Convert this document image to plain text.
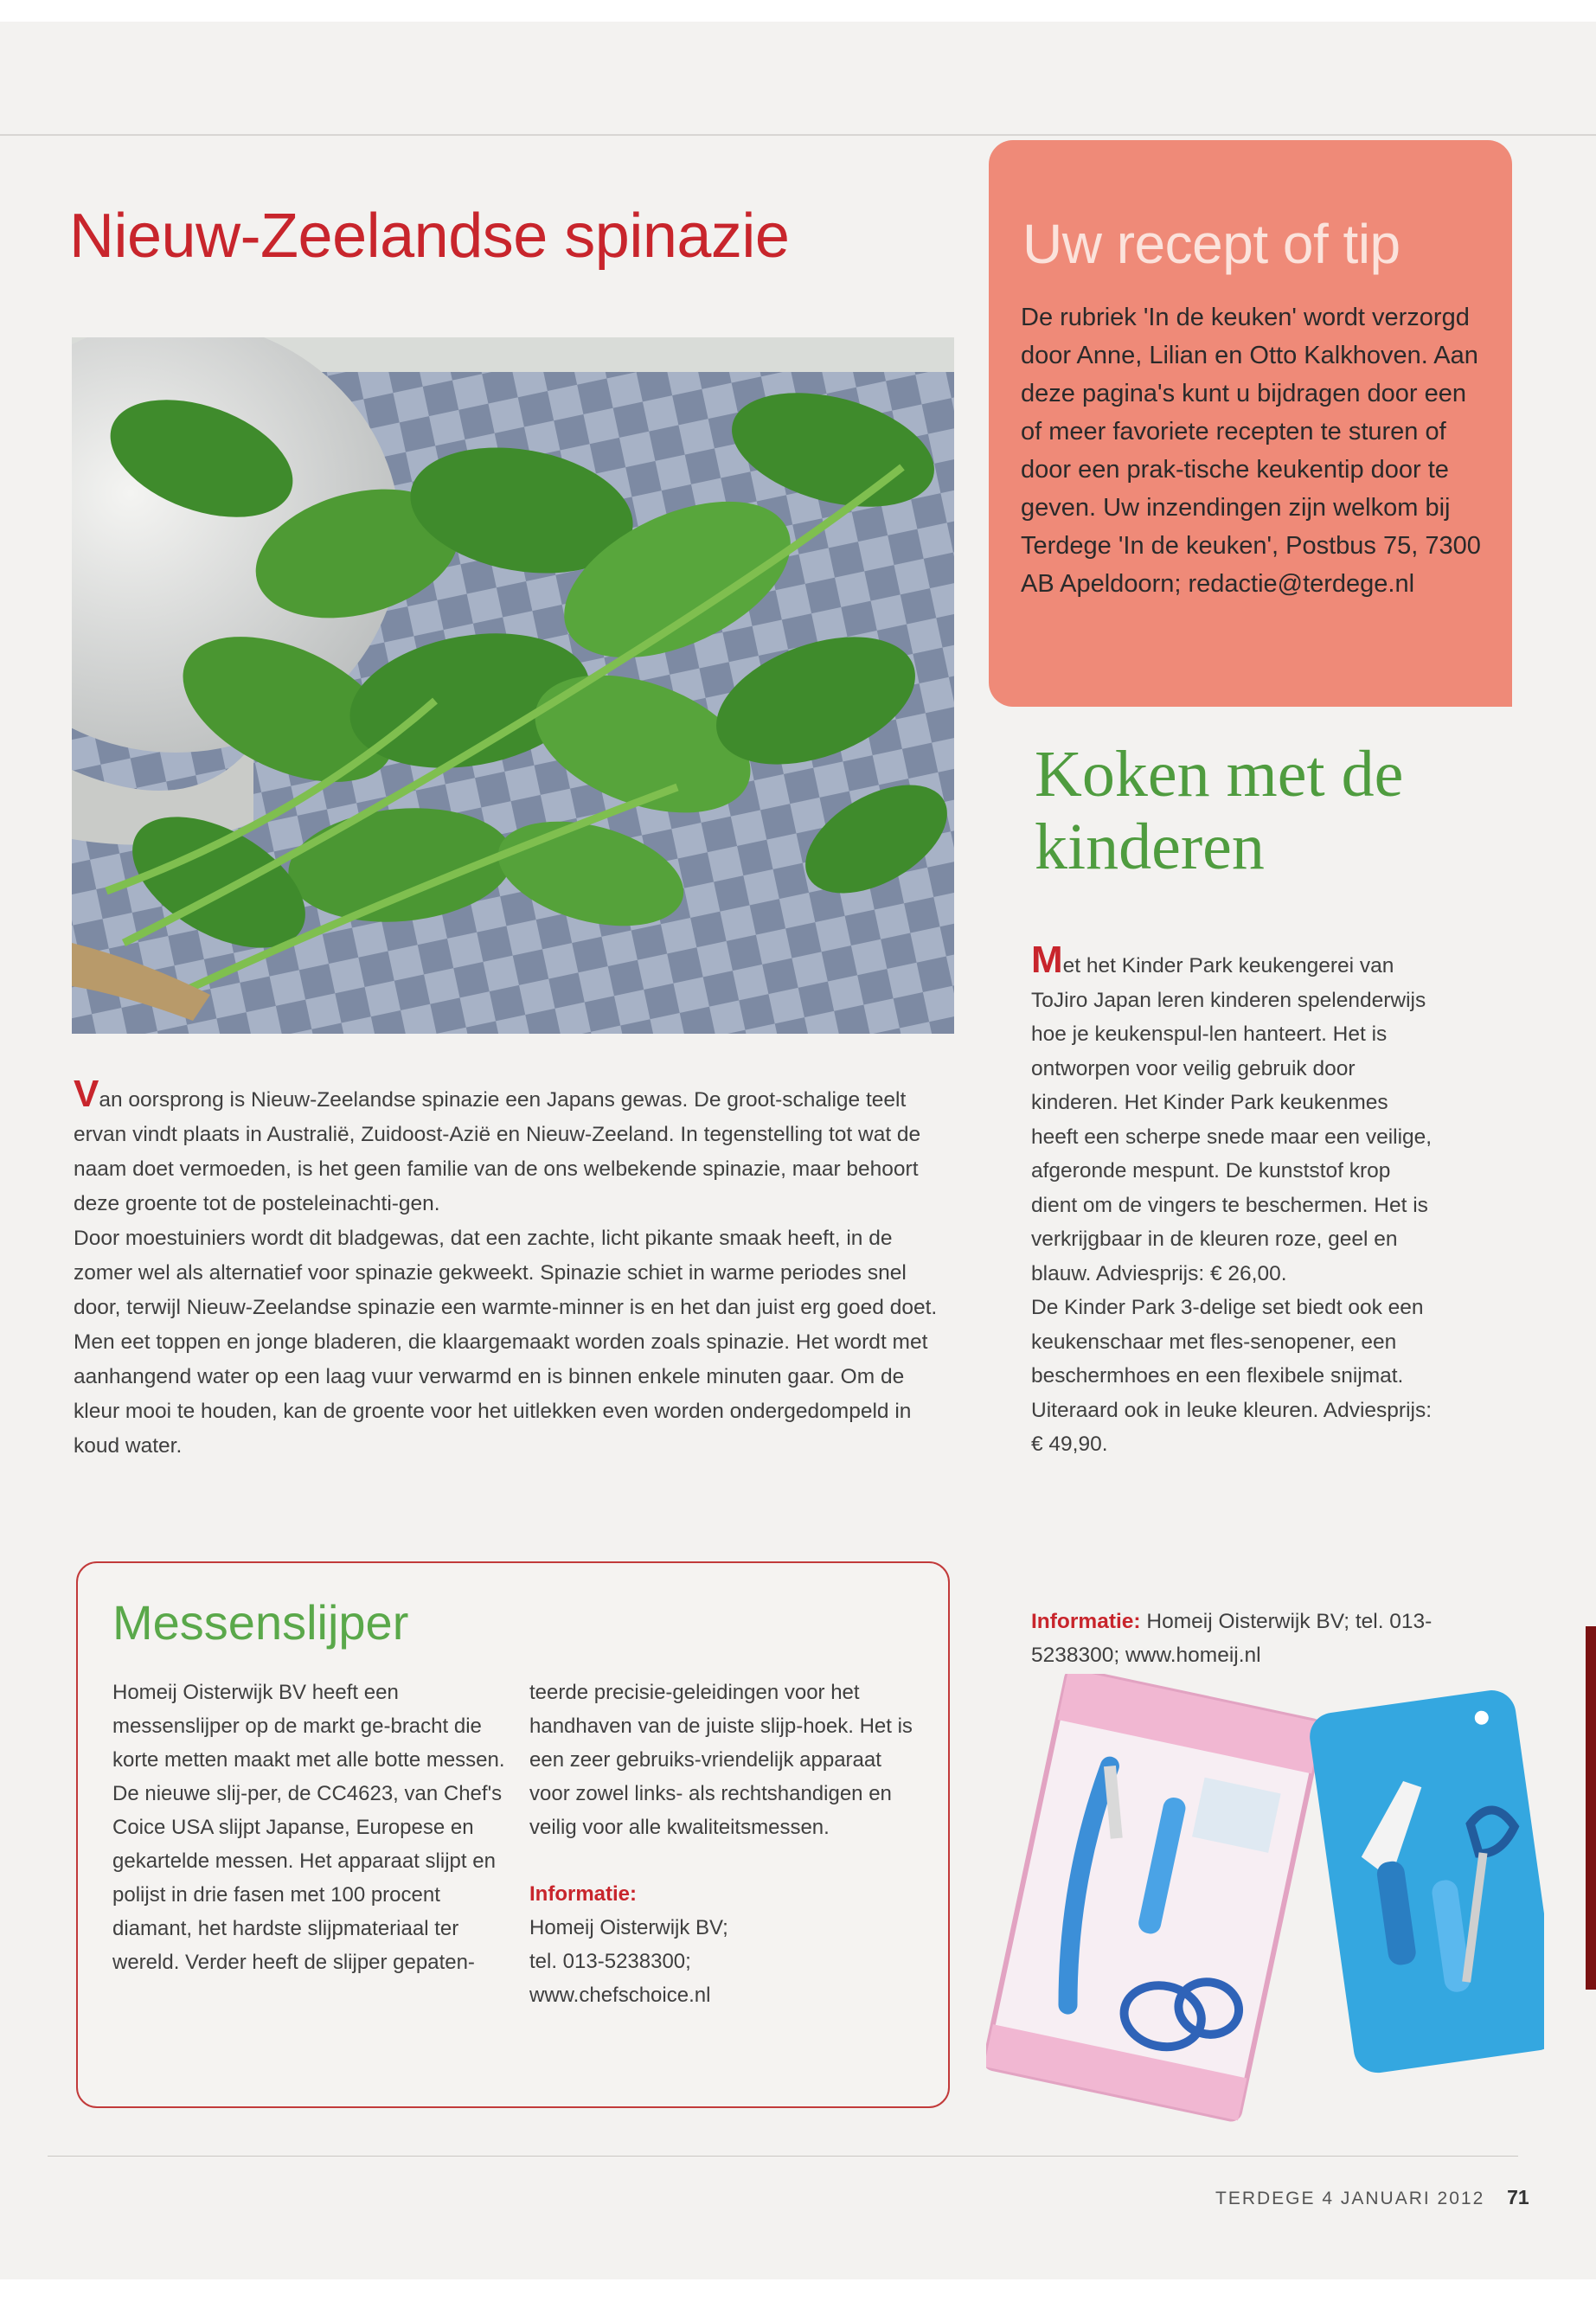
Nieuw-Zeelandse spinazie

Van oorsprong is Nieuw-Zeelandse spinazie een Japans gewas. De groot-schalige teelt ervan vindt plaats in Australië, Zuidoost-Azië en Nieuw-Zeeland. In tegenstelling tot wat de naam doet vermoeden, is het geen familie van de ons welbekende spinazie, maar behoort deze groente tot de posteleinachti-gen.

Door moestuiniers wordt dit bladgewas, dat een zachte, licht pikante smaak heeft, in de zomer wel als alternatief voor spinazie gekweekt. Spinazie schiet in warme periodes snel door, terwijl Nieuw-Zeelandse spinazie een warmte-minner is en het dan juist erg goed doet.

Men eet toppen en jonge bladeren, die klaargemaakt worden zoals spinazie. Het wordt met aanhangend water op een laag vuur verwarmd en is binnen enkele minuten gaar. Om de kleur mooi te houden, kan de groente voor het uitlekken even worden ondergedompeld in koud water.

Messenslijper

Homeij Oisterwijk BV heeft een messenslijper op de markt ge-bracht die korte metten maakt met alle botte messen. De nieuwe slij-per, de CC4623, van Chef's Coice USA slijpt Japanse, Europese en gekartelde messen. Het apparaat slijpt en polijst in drie fasen met 100 procent diamant, het hardste slijpmateriaal ter wereld. Verder heeft de slijper gepaten-

teerde precisie-geleidingen voor het handhaven van de juiste slijp-hoek. Het is een zeer gebruiks-vriendelijk apparaat voor zowel links- als rechtshandigen en veilig voor alle kwaliteitsmessen.

Informatie:

Homeij Oisterwijk BV;

tel. 013-5238300;

www.chefschoice.nl

Uw recept of tip

De rubriek 'In de keuken' wordt verzorgd door Anne, Lilian en Otto Kalkhoven. Aan deze pagina's kunt u bijdragen door een of meer favoriete recepten te sturen of door een prak-tische keukentip door te geven. Uw inzendingen zijn welkom bij Terdege 'In de keuken', Postbus 75, 7300 AB Apeldoorn; redactie@terdege.nl

Koken met de kinderen

Met het Kinder Park keukengerei van ToJiro Japan leren kinderen spelenderwijs hoe je keukenspul-len hanteert. Het is ontworpen voor veilig gebruik door kinderen. Het Kinder Park keukenmes heeft een scherpe snede maar een veilige, afgeronde mespunt. De kunststof krop dient om de vingers te beschermen. Het is verkrijgbaar in de kleuren roze, geel en blauw. Adviesprijs: € 26,00.

De Kinder Park 3-delige set biedt ook een keukenschaar met fles-senopener, een beschermhoes en een flexibele snijmat. Uiteraard ook in leuke kleuren. Adviesprijs: € 49,90.

Informatie: Homeij Oisterwijk BV; tel. 013-5238300; www.homeij.nl

TERDEGE 4 JANUARI 2012 71
